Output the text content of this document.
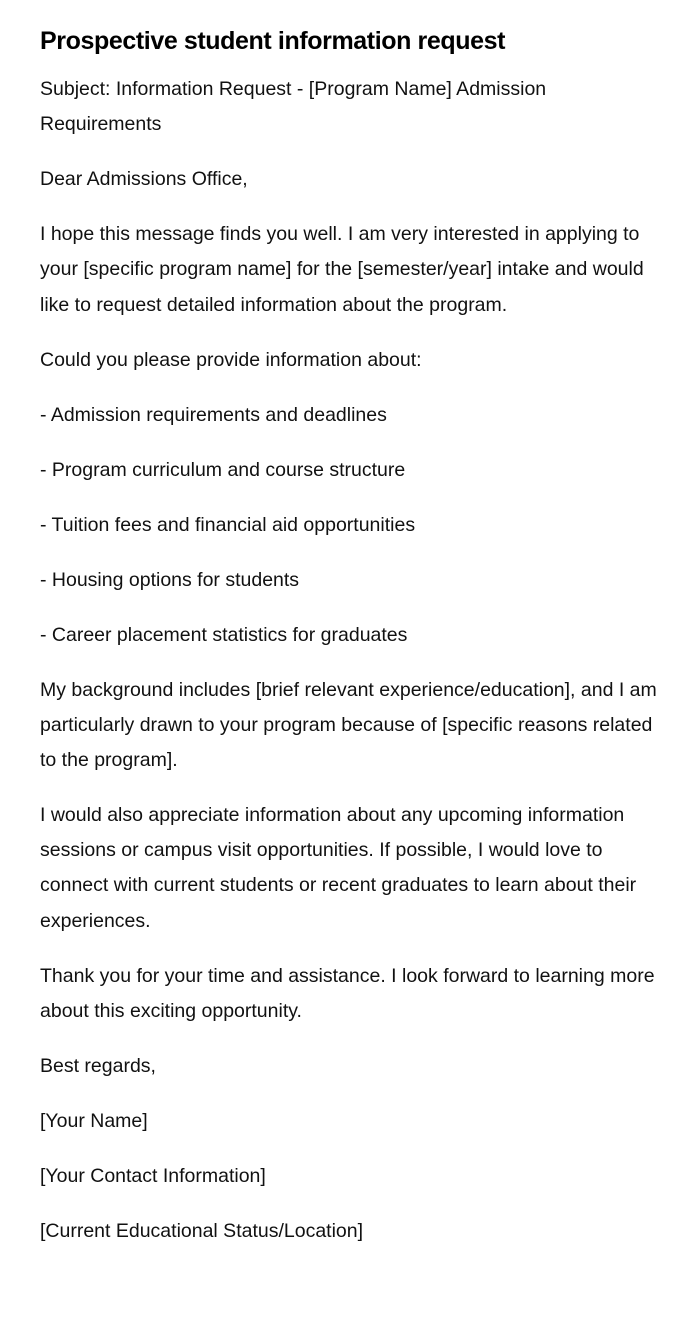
Prospective student information request

Subject: Information Request - [Program Name] Admission Requirements

Dear Admissions Office,

I hope this message finds you well. I am very interested in applying to your [specific program name] for the [semester/year] intake and would like to request detailed information about the program.

Could you please provide information about:

- Admission requirements and deadlines

- Program curriculum and course structure

- Tuition fees and financial aid opportunities

- Housing options for students

- Career placement statistics for graduates

My background includes [brief relevant experience/education], and I am particularly drawn to your program because of [specific reasons related to the program].

I would also appreciate information about any upcoming information sessions or campus visit opportunities. If possible, I would love to connect with current students or recent graduates to learn about their experiences.

Thank you for your time and assistance. I look forward to learning more about this exciting opportunity.

Best regards,

[Your Name]

[Your Contact Information]

[Current Educational Status/Location]
